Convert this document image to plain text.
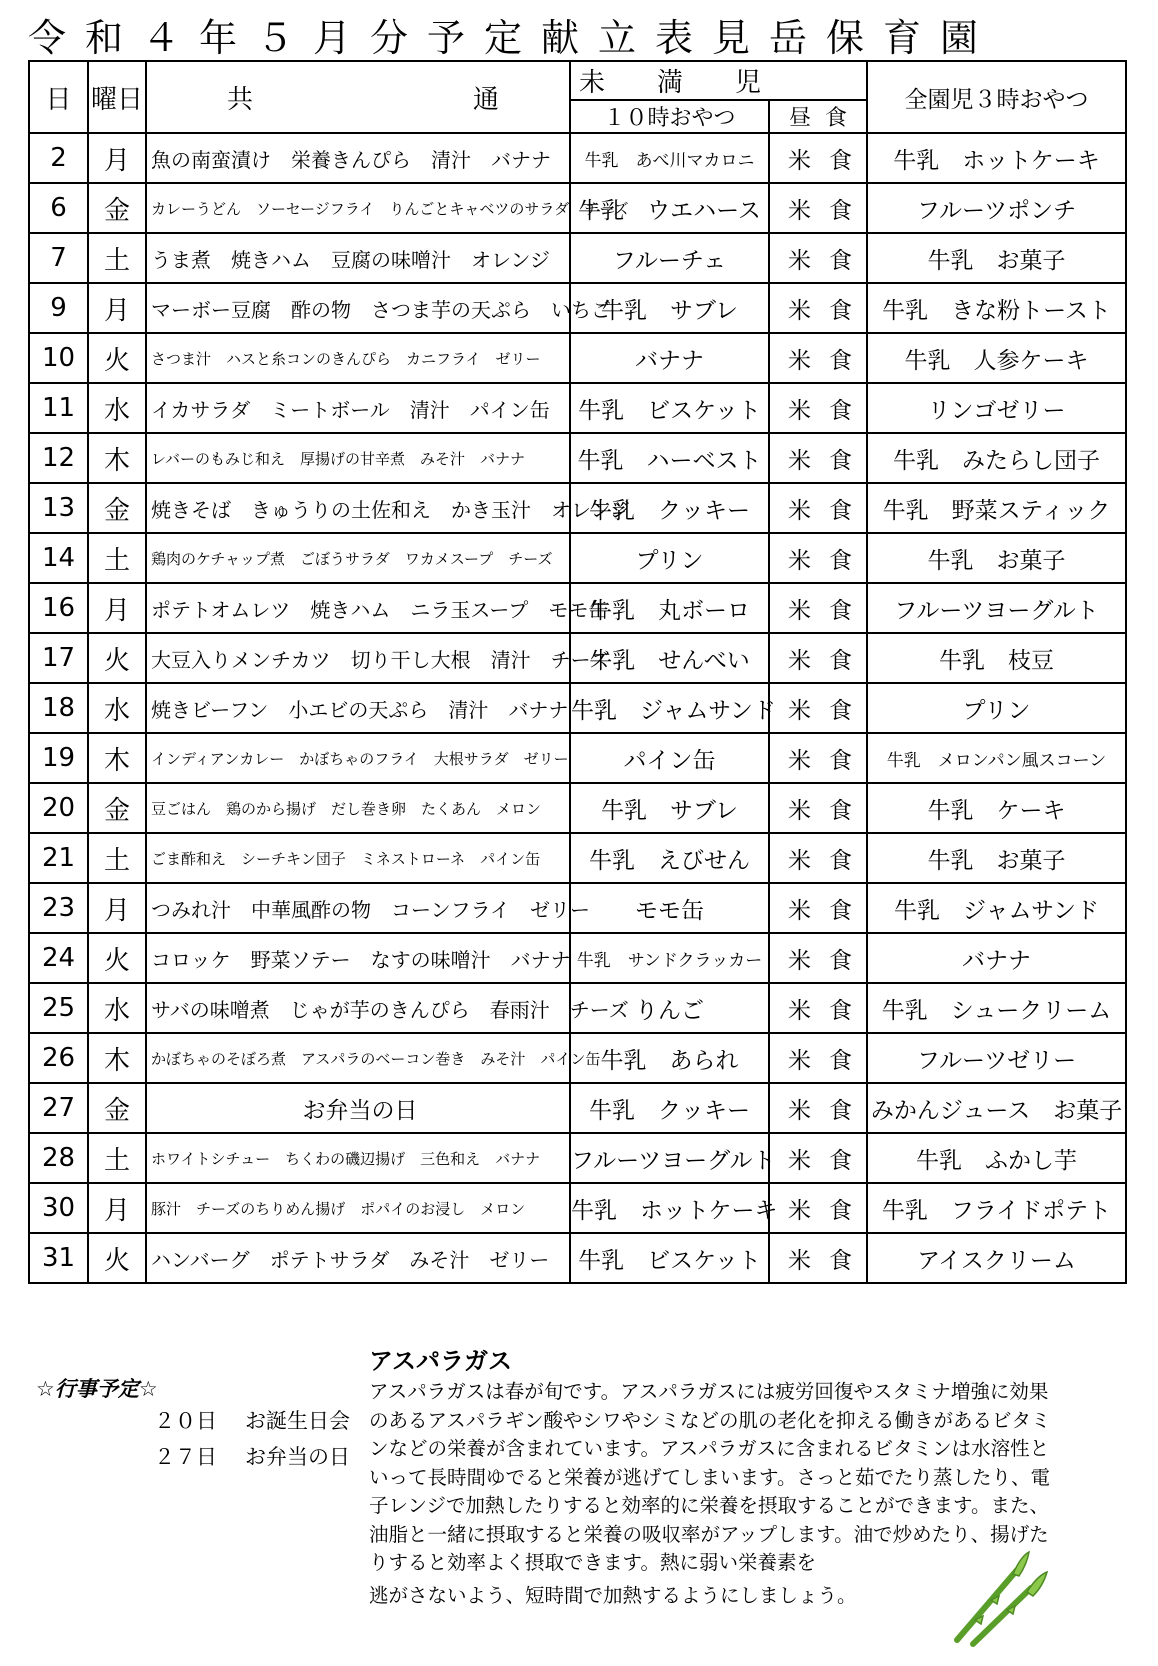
令和４年５月分予定献立表見岳保育園
日	曜日	共 通	未　　満　　児		全園児３時おやつ
			１０時おやつ	昼食	
2	月	魚の南蛮漬け　栄養きんぴら　清汁　バナナ	牛乳　あべ川マカロニ	米食	牛乳　ホットケーキ
6	金	カレーうどん　ソーセージフライ　りんごとキャベツのサラダ　チーズ	牛乳　ウエハース	米食	フルーツポンチ
7	土	うま煮　焼きハム　豆腐の味噌汁　オレンジ	フルーチェ	米食	牛乳　お菓子
9	月	マーボー豆腐　酢の物　さつま芋の天ぷら　いちご	牛乳　サブレ	米食	牛乳　きな粉トースト
10	火	さつま汁　ハスと糸コンのきんぴら　カニフライ　ゼリー	バナナ	米食	牛乳　人参ケーキ
11	水	イカサラダ　ミートボール　清汁　パイン缶	牛乳　ビスケット	米食	リンゴゼリー
12	木	レバーのもみじ和え　厚揚げの甘辛煮　みそ汁　バナナ	牛乳　ハーベスト	米食	牛乳　みたらし団子
13	金	焼きそば　きゅうりの土佐和え　かき玉汁　オレンジ	牛乳　クッキー	米食	牛乳　野菜スティック
14	土	鶏肉のケチャップ煮　ごぼうサラダ　ワカメスープ　チーズ	プリン	米食	牛乳　お菓子
16	月	ポテトオムレツ　焼きハム　ニラ玉スープ　モモ缶	牛乳　丸ボーロ	米食	フルーツヨーグルト
17	火	大豆入りメンチカツ　切り干し大根　清汁　チーズ	牛乳　せんべい	米食	牛乳　枝豆
18	水	焼きビーフン　小エビの天ぷら　清汁　バナナ	牛乳　ジャムサンド	米食	プリン
19	木	インディアンカレー　かぼちゃのフライ　大根サラダ　ゼリー	パイン缶	米食	牛乳　メロンパン風スコーン
20	金	豆ごはん　鶏のから揚げ　だし巻き卵　たくあん　メロン	牛乳　サブレ	米食	牛乳　ケーキ
21	土	ごま酢和え　シーチキン団子　ミネストローネ　パイン缶	牛乳　えびせん	米食	牛乳　お菓子
23	月	つみれ汁　中華風酢の物　コーンフライ　ゼリー	モモ缶	米食	牛乳　ジャムサンド
24	火	コロッケ　野菜ソテー　なすの味噌汁　バナナ	牛乳　サンドクラッカー	米食	バナナ
25	水	サバの味噌煮　じゃが芋のきんぴら　春雨汁　チーズ	りんご	米食	牛乳　シュークリーム
26	木	かぼちゃのそぼろ煮　アスパラのベーコン巻き　みそ汁　パイン缶	牛乳　あられ	米食	フルーツゼリー
27	金	お弁当の日	牛乳　クッキー	米食	みかんジュース　お菓子
28	土	ホワイトシチュー　ちくわの磯辺揚げ　三色和え　バナナ	フルーツヨーグルト	米食	牛乳　ふかし芋
30	月	豚汁　チーズのちりめん揚げ　ポパイのお浸し　メロン	牛乳　ホットケーキ	米食	牛乳　フライドポテト
31	火	ハンバーグ　ポテトサラダ　みそ汁　ゼリー	牛乳　ビスケット	米食	アイスクリーム
☆行事予定☆
２０日 お誕生日会
２７日 お弁当の日
アスパラガス
アスパラガスは春が旬です。アスパラガスには疲労回復やスタミナ増強に効果
のあるアスパラギン酸やシワやシミなどの肌の老化を抑える働きがあるビタミ
ンなどの栄養が含まれています。アスパラガスに含まれるビタミンは水溶性と
いって長時間ゆでると栄養が逃げてしまいます。さっと茹でたり蒸したり、電
子レンジで加熱したりすると効率的に栄養を摂取することができます。また、
油脂と一緒に摂取すると栄養の吸収率がアップします。油で炒めたり、揚げた
りすると効率よく摂取できます。熱に弱い栄養素を
逃がさないよう、短時間で加熱するようにしましょう。
